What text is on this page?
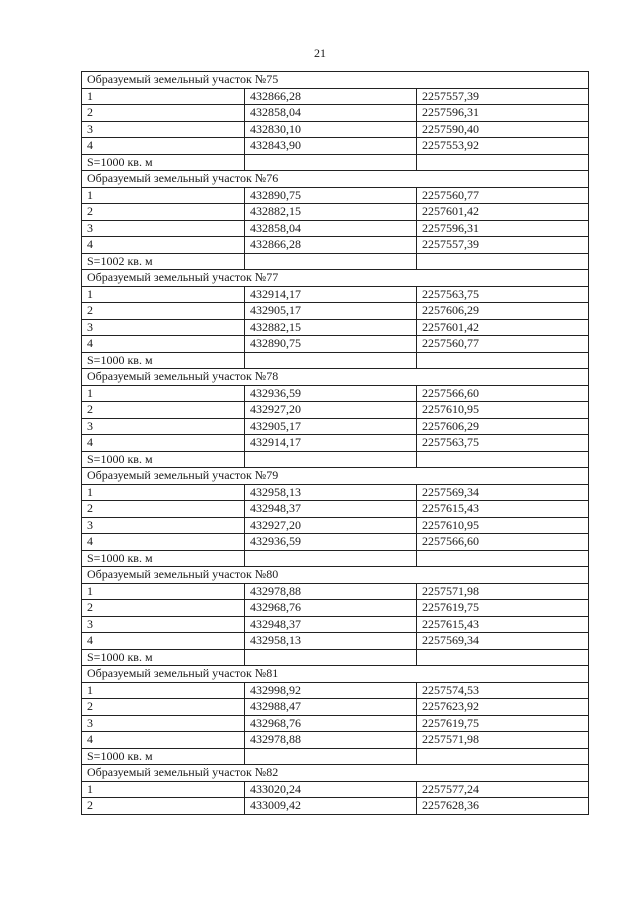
21
Образуемый земельный участок №75		
1	432866,28	2257557,39
2	432858,04	2257596,31
3	432830,10	2257590,40
4	432843,90	2257553,92
S=1000 кв. м		
Образуемый земельный участок №76		
1	432890,75	2257560,77
2	432882,15	2257601,42
3	432858,04	2257596,31
4	432866,28	2257557,39
S=1002 кв. м		
Образуемый земельный участок №77		
1	432914,17	2257563,75
2	432905,17	2257606,29
3	432882,15	2257601,42
4	432890,75	2257560,77
S=1000 кв. м		
Образуемый земельный участок №78		
1	432936,59	2257566,60
2	432927,20	2257610,95
3	432905,17	2257606,29
4	432914,17	2257563,75
S=1000 кв. м		
Образуемый земельный участок №79		
1	432958,13	2257569,34
2	432948,37	2257615,43
3	432927,20	2257610,95
4	432936,59	2257566,60
S=1000 кв. м		
Образуемый земельный участок №80		
1	432978,88	2257571,98
2	432968,76	2257619,75
3	432948,37	2257615,43
4	432958,13	2257569,34
S=1000 кв. м		
Образуемый земельный участок №81		
1	432998,92	2257574,53
2	432988,47	2257623,92
3	432968,76	2257619,75
4	432978,88	2257571,98
S=1000 кв. м		
Образуемый земельный участок №82		
1	433020,24	2257577,24
2	433009,42	2257628,36
